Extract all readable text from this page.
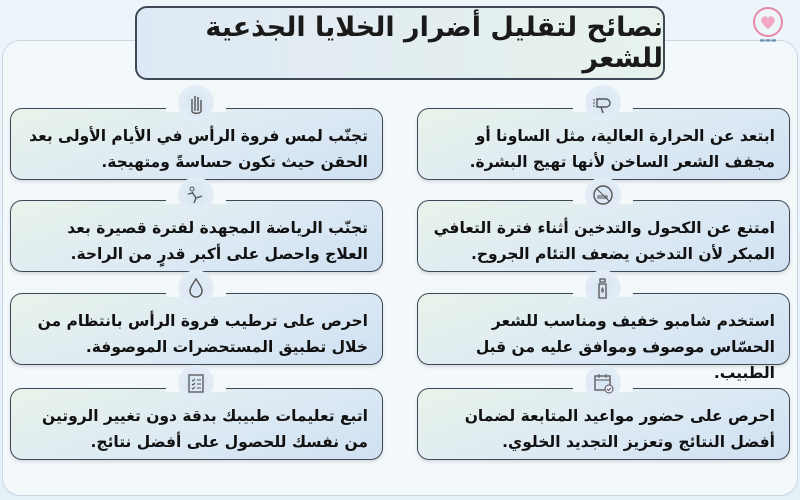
نصائح لتقليل أضرار الخلايا الجذعية للشعر
▬▬▬

ابتعد عن الحرارة العالية، مثل الساونا أو مجفف الشعر الساخن لأنها تهيج البشرة.

تجنّب لمس فروة الرأس في الأيام الأولى بعد الحقن حيث تكون حساسةً ومتهيجة.

امتنع عن الكحول والتدخين أثناء فترة التعافي المبكر لأن التدخين يضعف التئام الجروح.

تجنّب الرياضة المجهدة لفترة قصيرة بعد العلاج واحصل على أكبر قدرٍ من الراحة.

استخدم شامبو خفيف ومناسب للشعر الحسّاس موصوف وموافق عليه من قبل الطبيب.

احرص على ترطيب فروة الرأس بانتظام من خلال تطبيق المستحضرات الموصوفة.

احرص على حضور مواعيد المتابعة لضمان أفضل النتائج وتعزيز التجديد الخلوي.

اتبع تعليمات طبيبك بدقة دون تغيير الروتين من نفسك للحصول على أفضل نتائج.
